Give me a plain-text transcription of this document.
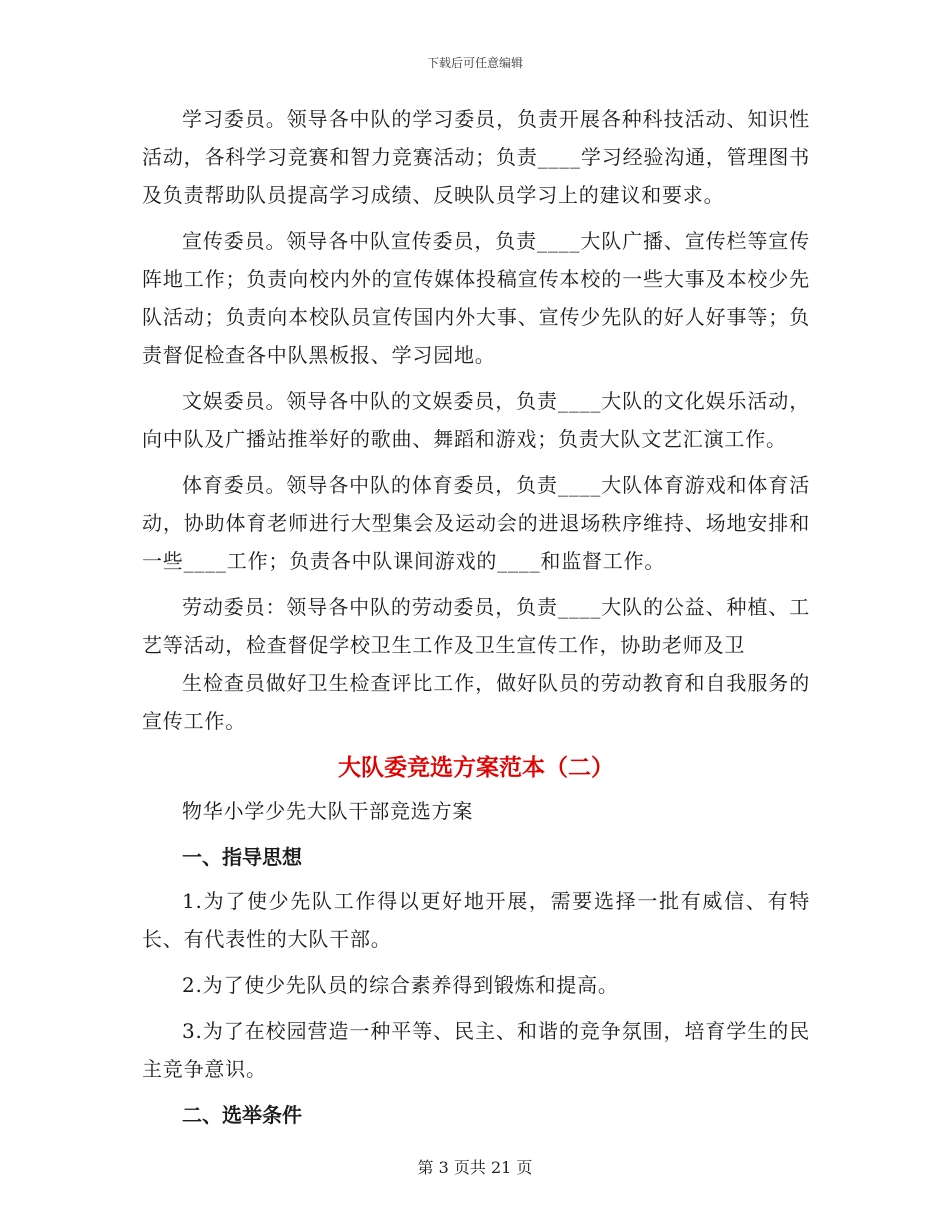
下载后可任意编辑

学习委员。领导各中队的学习委员，负责开展各种科技活动、知识性活动，各科学习竞赛和智力竞赛活动；负责____学习经验沟通，管理图书及负责帮助队员提高学习成绩、反映队员学习上的建议和要求。

宣传委员。领导各中队宣传委员，负责____大队广播、宣传栏等宣传阵地工作；负责向校内外的宣传媒体投稿宣传本校的一些大事及本校少先队活动；负责向本校队员宣传国内外大事、宣传少先队的好人好事等；负责督促检查各中队黑板报、学习园地。

文娱委员。领导各中队的文娱委员，负责____大队的文化娱乐活动，向中队及广播站推举好的歌曲、舞蹈和游戏；负责大队文艺汇演工作。

体育委员。领导各中队的体育委员，负责____大队体育游戏和体育活动，协助体育老师进行大型集会及运动会的进退场秩序维持、场地安排和一些____工作；负责各中队课间游戏的____和监督工作。

劳动委员：领导各中队的劳动委员，负责____大队的公益、种植、工艺等活动，检查督促学校卫生工作及卫生宣传工作，协助老师及卫

生检查员做好卫生检查评比工作，做好队员的劳动教育和自我服务的宣传工作。

大队委竞选方案范本（二）

物华小学少先大队干部竞选方案

一、指导思想

1.为了使少先队工作得以更好地开展，需要选择一批有威信、有特长、有代表性的大队干部。

2.为了使少先队员的综合素养得到锻炼和提高。

3.为了在校园营造一种平等、民主、和谐的竞争氛围，培育学生的民主竞争意识。

二、选举条件
第 3 页共 21 页
